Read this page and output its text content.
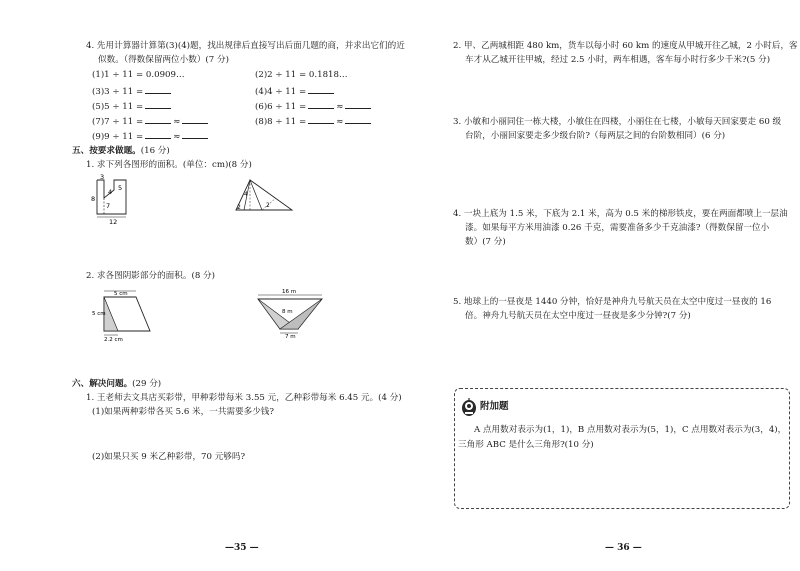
4. 先用计算器计算第(3)(4)题，找出规律后直接写出后面几题的商，并求出它们的近
似数。（得数保留两位小数）(7 分)
(1)1 ÷ 11 = 0.0909…	(2)2 ÷ 11 = 0.1818…
(3)3 ÷ 11 =	(4)4 ÷ 11 =
(5)5 ÷ 11 =	(6)6 ÷ 11 =	≈
(7)7 ÷ 11 =	≈	(8)8 ÷ 11 =	≈
(9)9 ÷ 11 =	≈
五、按要求做题。(16 分)
1. 求下列各图形的面积。(单位：cm)(8 分)
3
4 5
8
7
12
4
2	2
2. 求各图阴影部分的面积。(8 分)
5 cm
5 cm
2.2 cm
16 m
8 m
7 m
六、解决问题。(29 分)
1. 王老师去文具店买彩带，甲种彩带每米 3.55 元，乙种彩带每米 6.45 元。(4 分)
(1)如果两种彩带各买 5.6 米，一共需要多少钱?
(2)如果只买 9 米乙种彩带，70 元够吗?
—35 —
2. 甲、乙两城相距 480 km，货车以每小时 60 km 的速度从甲城开往乙城，2 小时后，客
车才从乙城开往甲城，经过 2.5 小时，两车相遇，客车每小时行多少千米?(5 分)
3. 小敏和小丽同住一栋大楼，小敏住在四楼，小丽住在七楼，小敏每天回家要走 60 级
台阶，小丽回家要走多少级台阶?（每两层之间的台阶数相同）(6 分)
4. 一块上底为 1.5 米，下底为 2.1 米，高为 0.5 米的梯形铁皮，要在两面都喷上一层油
漆。如果每平方米用油漆 0.26 千克，需要准备多少千克油漆?（得数保留一位小
数）(7 分)
5. 地球上的一昼夜是 1440 分钟，恰好是神舟九号航天员在太空中度过一昼夜的 16
倍。神舟九号航天员在太空中度过一昼夜是多少分钟?(7 分)
— 36 —
附加题
A 点用数对表示为(1，1)，B 点用数对表示为(5，1)，C 点用数对表示为(3，4)，
三角形 ABC 是什么三角形?(10 分)
